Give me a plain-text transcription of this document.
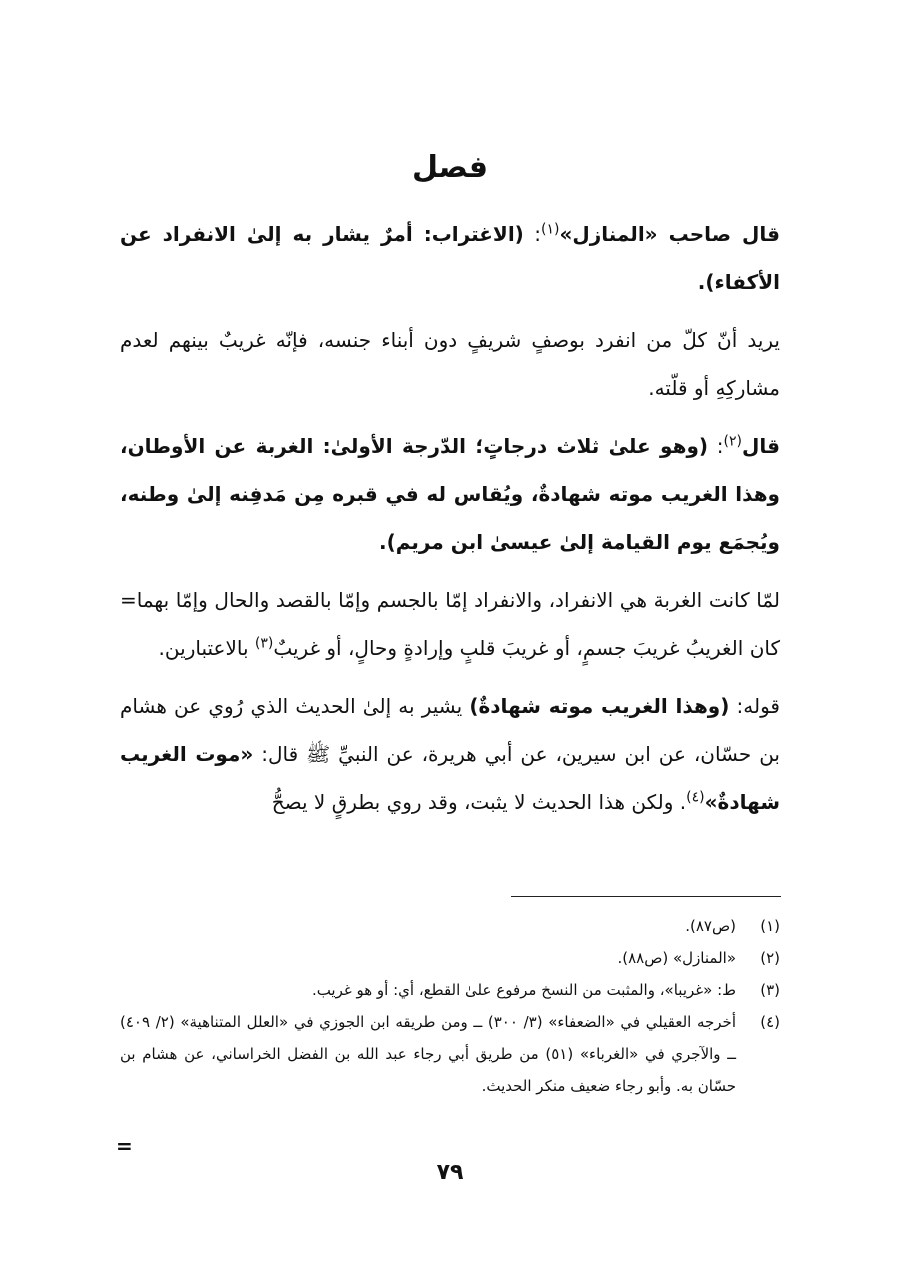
فصل

قال صاحب «المنازل»$^{(١)}$: (الاغتراب: أمرٌ يشار به إلىٰ الانفراد عن الأكفاء).

يريد أنّ كلّ من انفرد بوصفٍ شريفٍ دون أبناء جنسه، فإنّه غريبٌ بينهم لعدم مشاركِهِ أو قلّته.

قال$^{(٢)}$: (وهو علىٰ ثلاث درجاتٍ؛ الدّرجة الأولىٰ: الغربة عن الأوطان، وهذا الغريب موته شهادةٌ، ويُقاس له في قبره مِن مَدفِنه إلىٰ وطنه، ويُجمَع يوم القيامة إلىٰ عيسىٰ ابن مريم).

لمّا كانت الغربة هي الانفراد، والانفراد إمّا بالجسم وإمّا بالقصد والحال وإمّا بهما= كان الغريبُ غريبَ جسمٍ، أو غريبَ قلبٍ وإرادةٍ وحالٍ، أو غريبٌ$^{(٣)}$ بالاعتبارين.

قوله: (وهذا الغريب موته شهادةٌ) يشير به إلىٰ الحديث الذي رُوي عن هشام بن حسّان، عن ابن سيرين، عن أبي هريرة، عن النبيِّ ﷺ قال: «موت الغريب شهادةٌ»$^{(٤)}$. ولكن هذا الحديث لا يثبت، وقد روي بطرقٍ لا يصحُّ

(١)
(ص٨٧).
(٢)
«المنازل» (ص٨٨).
(٣)
ط: «غريبا»، والمثبت من النسخ مرفوع علىٰ القطع، أي: أو هو غريب.
(٤)
أخرجه العقيلي في «الضعفاء» (٣/ ٣٠٠) ــ ومن طريقه ابن الجوزي في «العلل المتناهية» (٢/ ٤٠٩) ــ والآجري في «الغرباء» (٥١) من طريق أبي رجاء عبد الله بن الفضل الخراساني، عن هشام بن حسّان به. وأبو رجاء ضعيف منكر الحديث.
=
٧٩
